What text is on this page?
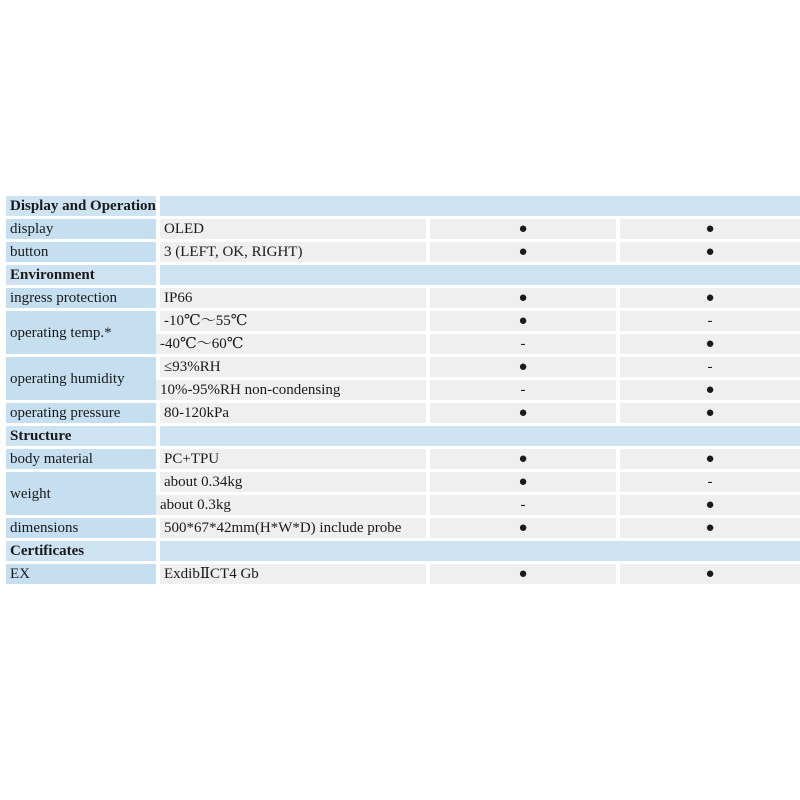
Display and Operation			
display	OLED	●	●
button	3 (LEFT, OK, RIGHT)	●	●
Environment			
ingress protection	IP66	●	●
operating temp.*	-10℃～55℃	●	-
	-40℃～60℃	-	●
operating humidity	≤93%RH	●	-
	10%-95%RH non-condensing	-	●
operating pressure	80-120kPa	●	●
Structure			
body material	PC+TPU	●	●
weight	about 0.34kg	●	-
	about 0.3kg	-	●
dimensions	500*67*42mm(H*W*D) include probe	●	●
Certificates			
EX	ExdibⅡCT4 Gb	●	●
